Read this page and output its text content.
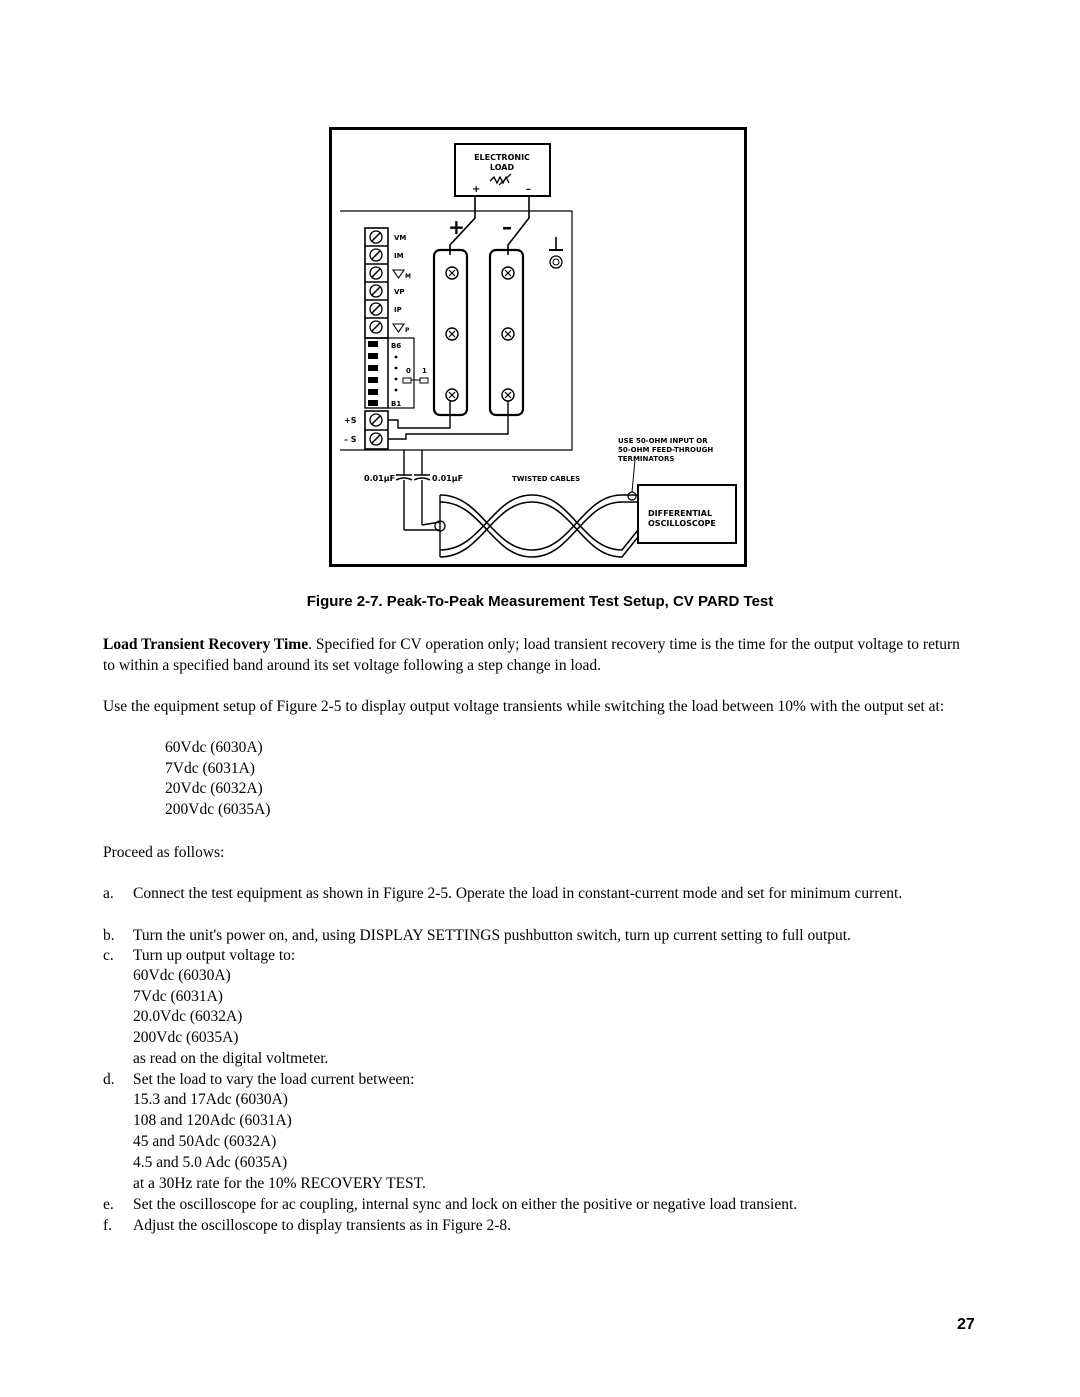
ELECTRONIC
LOAD
+	–
+ –
VM
IM
M
VP
IP
P
B6
B1
0 1
+S
– S
0.01µF	0.01µF	TWISTED CABLES
USE 50-OHM INPUT OR
50-OHM FEED-THROUGH
TERMINATORS
DIFFERENTIAL
OSCILLOSCOPE
Figure 2-7. Peak-To-Peak Measurement Test Setup, CV PARD Test
Load Transient Recovery Time. Specified for CV operation only; load transient recovery time is the time for the output voltage to return to within a specified band around its set voltage following a step change in load.
Use the equipment setup of Figure 2-5 to display output voltage transients while switching the load between 10% with the output set at:
60Vdc (6030A)
7Vdc (6031A)
20Vdc (6032A)
200Vdc (6035A)
Proceed as follows:
a. Connect the test equipment as shown in Figure 2-5. Operate the load in constant-current mode and set for minimum current.
b. Turn the unit's power on, and, using DISPLAY SETTINGS pushbutton switch, turn up current setting to full output.
c. Turn up output voltage to:
60Vdc (6030A)
7Vdc (6031A)
20.0Vdc (6032A)
200Vdc (6035A)
as read on the digital voltmeter.
d. Set the load to vary the load current between:
15.3 and 17Adc (6030A)
108 and 120Adc (6031A)
45 and 50Adc (6032A)
4.5 and 5.0 Adc (6035A)
at a 30Hz rate for the 10% RECOVERY TEST.
e. Set the oscilloscope for ac coupling, internal sync and lock on either the positive or negative load transient.
f. Adjust the oscilloscope to display transients as in Figure 2-8.
27
